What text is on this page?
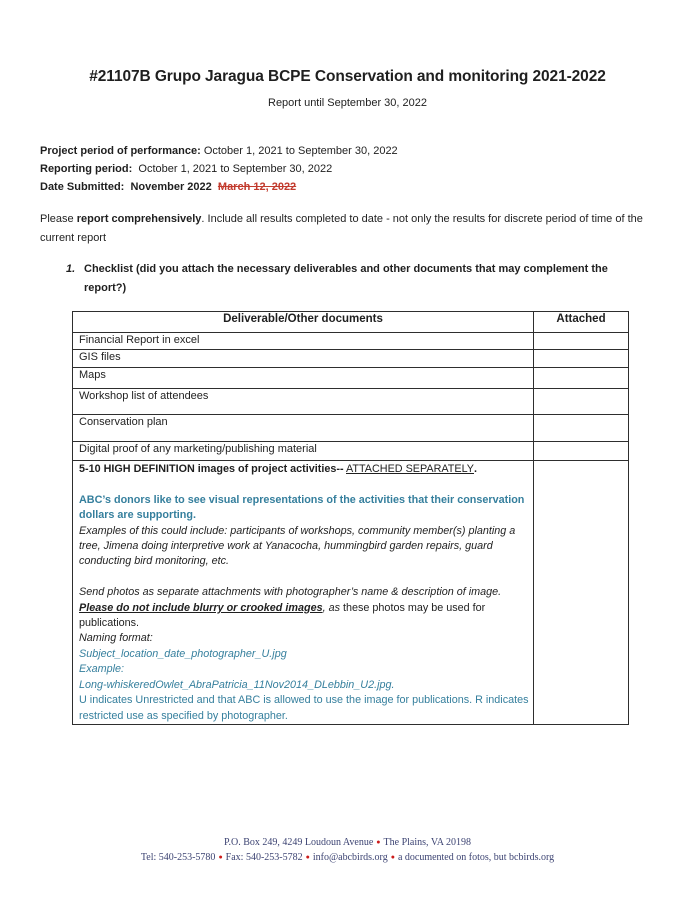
#21107B Grupo Jaragua BCPE Conservation and monitoring 2021-2022
Report until September 30, 2022
Project period of performance: October 1, 2021 to September 30, 2022
Reporting period:  October 1, 2021 to September 30, 2022
Date Submitted:  November 2022  March 12, 2022
Please report comprehensively. Include all results completed to date - not only the results for discrete period of time of the current report
1. Checklist (did you attach the necessary deliverables and other documents that may complement the report?)
Deliverable/Other documents	Attached
Financial Report in excel	
GIS files	
Maps	
Workshop list of attendees	
Conservation plan	
Digital proof of any marketing/publishing material	

5-10 HIGH DEFINITION images of project activities-- ATTACHED SEPARATELY.

ABC’s donors like to see visual representations of the activities that their conservation dollars are supporting.
Examples of this could include: participants of workshops, community member(s) planting a tree, Jimena doing interpretive work at Yanacocha, hummingbird garden repairs, guard conducting bird monitoring, etc.

Send photos as separate attachments with photographer’s name & description of image.
Please do not include blurry or crooked images, as these photos may be used for publications.
Naming format:
Subject_location_date_photographer_U.jpg
Example:
Long-whiskeredOwlet_AbraPatricia_11Nov2014_DLebbin_U2.jpg.
U indicates Unrestricted and that ABC is allowed to use the image for publications. R indicates restricted use as specified by photographer.

P.O. Box 249, 4249 Loudoun Avenue ● The Plains, VA 20198
Tel: 540-253-5780 ● Fax: 540-253-5782 ● info@abcbirds.org ● a documented on fotos, but bcbirds.org
